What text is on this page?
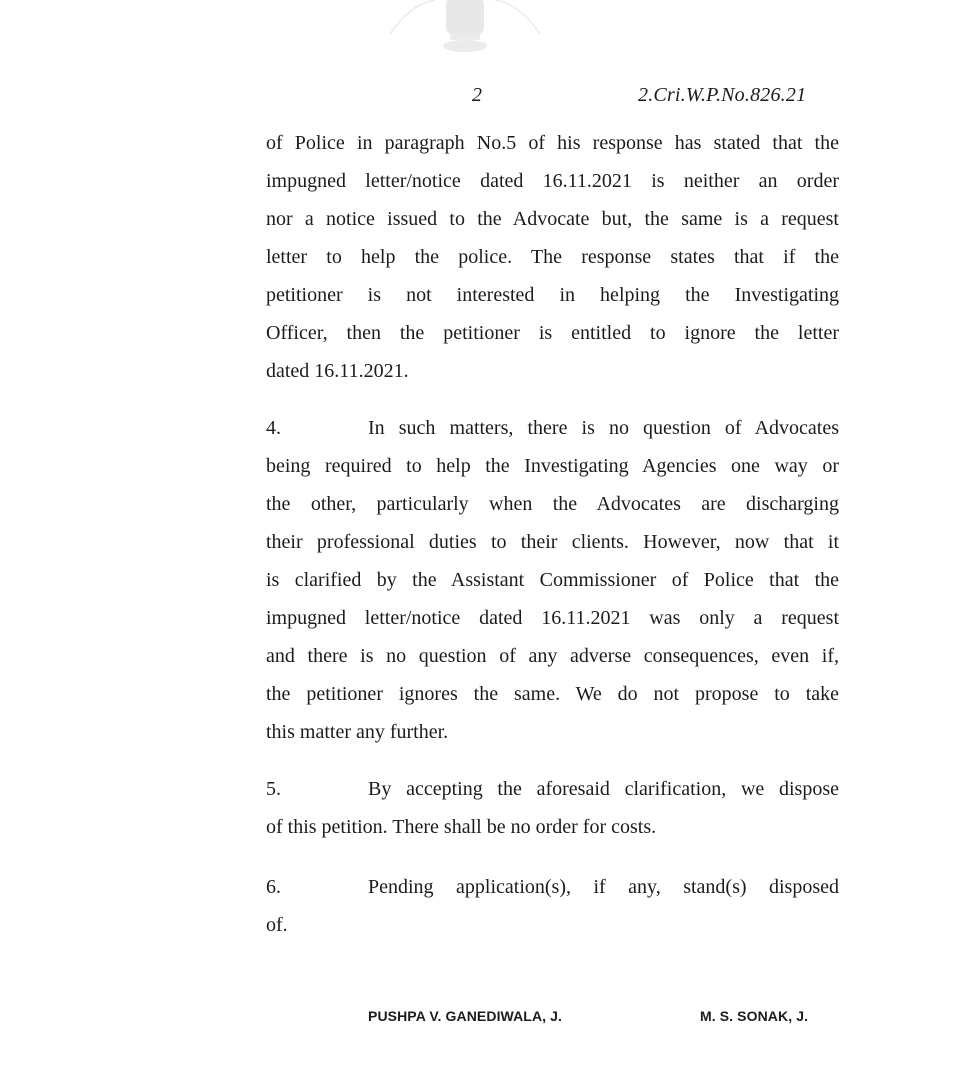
2	2.Cri.W.P.No.826.21
of Police in paragraph No.5 of his response has stated that the
impugned letter/notice dated 16.11.2021 is neither an order
nor a notice issued to the Advocate but, the same is a request
letter to help the police. The response states that if the
petitioner is not interested in helping the Investigating
Officer, then the petitioner is entitled to ignore the letter
dated 16.11.2021.
4.	In such matters, there is no question of Advocates
being required to help the Investigating Agencies one way or
the other, particularly when the Advocates are discharging
their professional duties to their clients. However, now that it
is clarified by the Assistant Commissioner of Police that the
impugned letter/notice dated 16.11.2021 was only a request
and there is no question of any adverse consequences, even if,
the petitioner ignores the same. We do not propose to take
this matter any further.
5.	By accepting the aforesaid clarification, we dispose
of this petition. There shall be no order for costs.
6.	Pending application(s), if any, stand(s) disposed
of.
PUSHPA V. GANEDIWALA, J.	M. S. SONAK, J.
